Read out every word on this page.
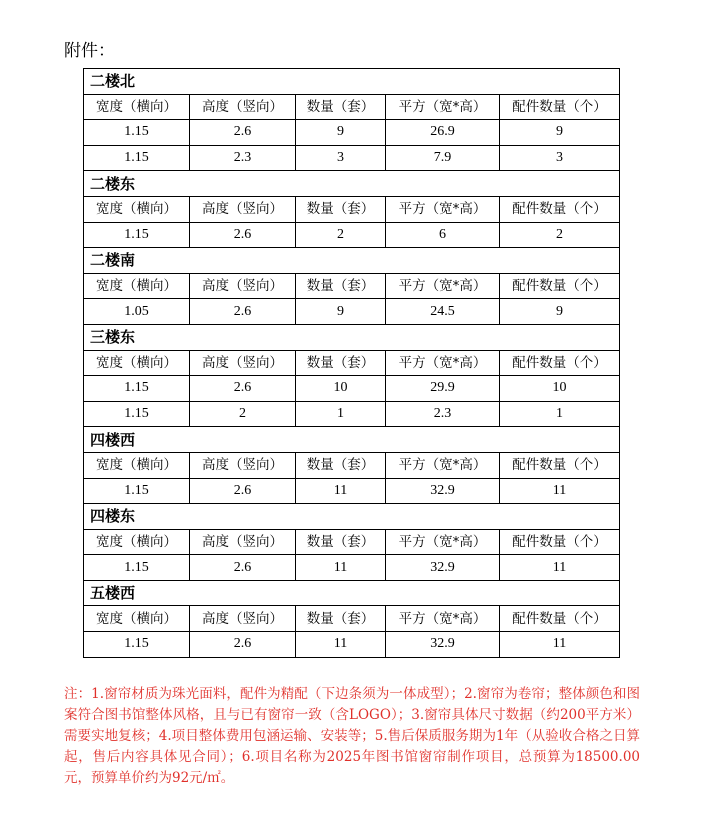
附件：
二楼北				
宽度（横向）	高度（竖向）	数量（套）	平方（宽*高）	配件数量（个）
1.15	2.6	9	26.9	9
1.15	2.3	3	7.9	3
二楼东				
宽度（横向）	高度（竖向）	数量（套）	平方（宽*高）	配件数量（个）
1.15	2.6	2	6	2
二楼南				
宽度（横向）	高度（竖向）	数量（套）	平方（宽*高）	配件数量（个）
1.05	2.6	9	24.5	9
三楼东				
宽度（横向）	高度（竖向）	数量（套）	平方（宽*高）	配件数量（个）
1.15	2.6	10	29.9	10
1.15	2	1	2.3	1
四楼西				
宽度（横向）	高度（竖向）	数量（套）	平方（宽*高）	配件数量（个）
1.15	2.6	11	32.9	11
四楼东				
宽度（横向）	高度（竖向）	数量（套）	平方（宽*高）	配件数量（个）
1.15	2.6	11	32.9	11
五楼西				
宽度（横向）	高度（竖向）	数量（套）	平方（宽*高）	配件数量（个）
1.15	2.6	11	32.9	11
注：1.窗帘材质为珠光面料，配件为精配（下边条须为一体成型）；2.窗帘为卷帘；整体颜色和图案符合图书馆整体风格，且与已有窗帘一致（含LOGO）；3.窗帘具体尺寸数据（约200平方米）需要实地复核；4.项目整体费用包涵运输、安装等；5.售后保质服务期为1年（从验收合格之日算起，售后内容具体见合同）；6.项目名称为2025年图书馆窗帘制作项目，总预算为18500.00元，预算单价约为92元/㎡。
